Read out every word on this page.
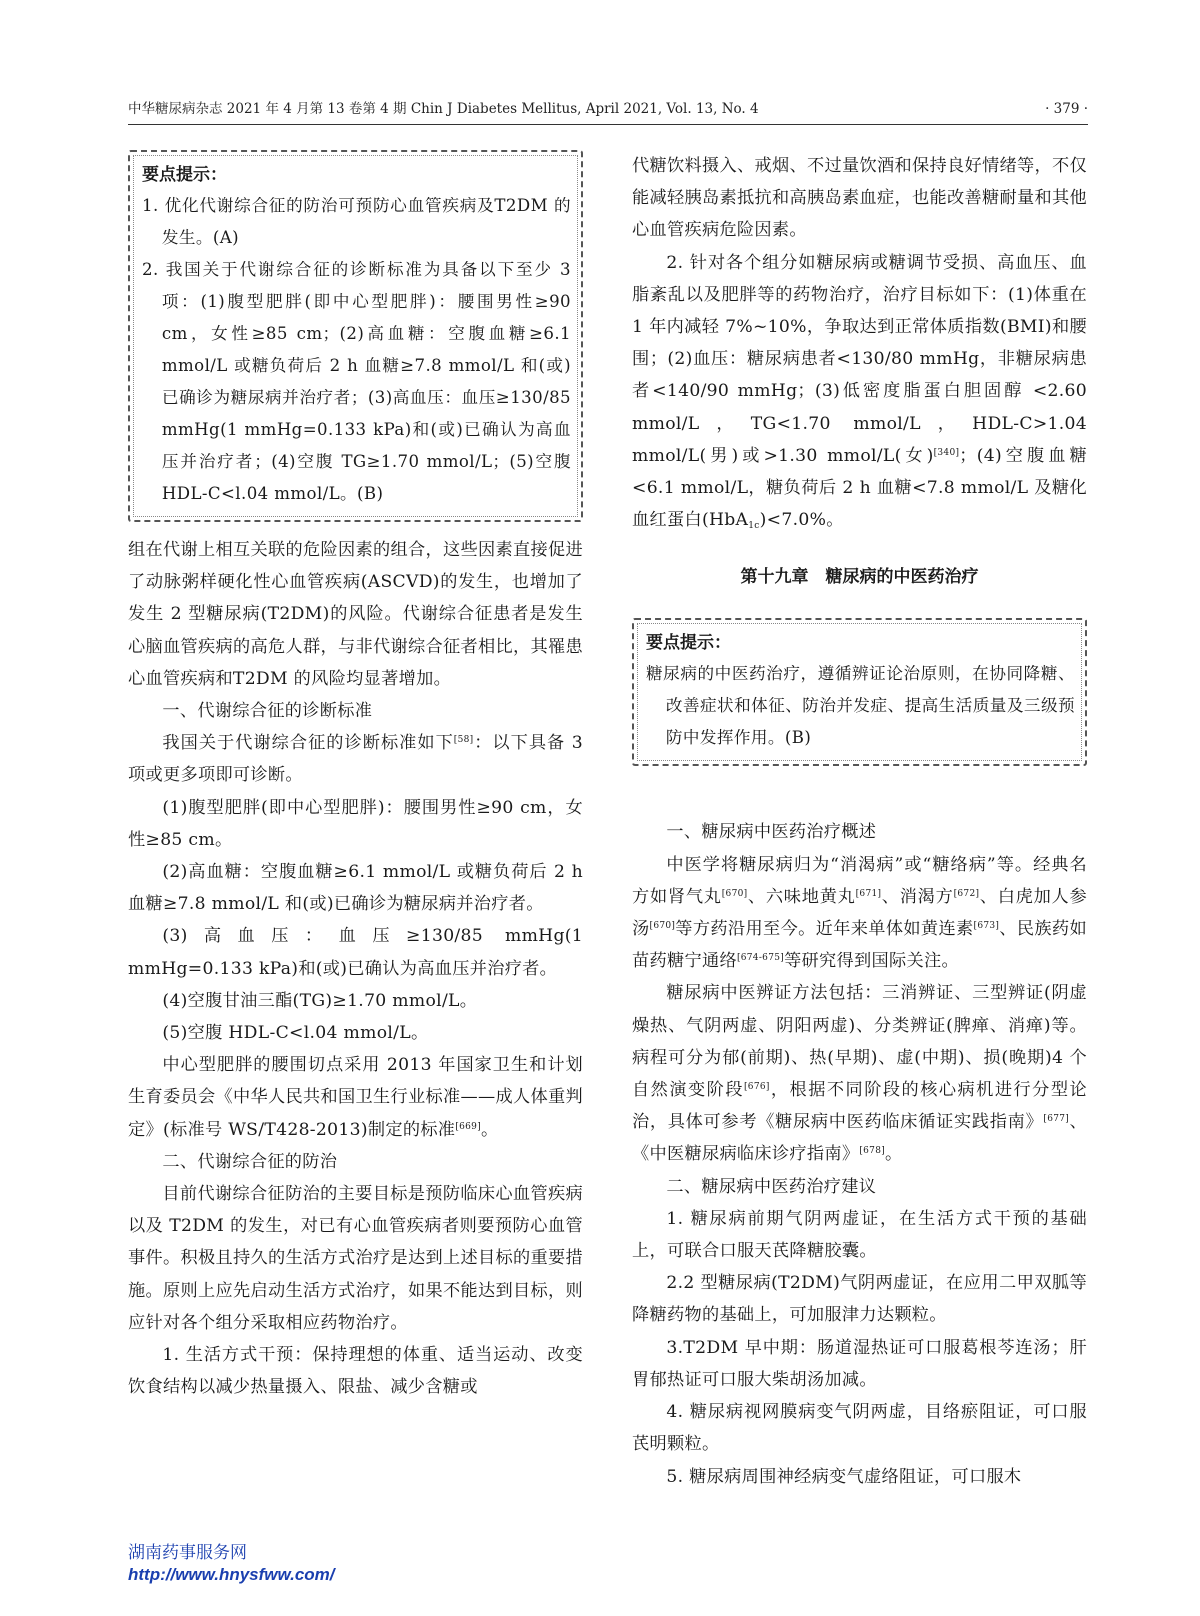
中华糖尿病杂志 2021 年 4 月第 13 卷第 4 期 Chin J Diabetes Mellitus, April 2021, Vol. 13, No. 4	· 379 ·

要点提示：

1. 优化代谢综合征的防治可预防心血管疾病及T2DM 的发生。(A)

2. 我国关于代谢综合征的诊断标准为具备以下至少 3 项：(1)腹型肥胖(即中心型肥胖)：腰围男性≥90 cm，女性≥85 cm；(2)高血糖：空腹血糖≥6.1 mmol/L 或糖负荷后 2 h 血糖≥7.8 mmol/L 和(或)已确诊为糖尿病并治疗者；(3)高血压：血压≥130/85 mmHg(1 mmHg=0.133 kPa)和(或)已确认为高血压并治疗者；(4)空腹 TG≥1.70 mmol/L；(5)空腹 HDL-C<l.04 mmol/L。(B)

组在代谢上相互关联的危险因素的组合，这些因素直接促进了动脉粥样硬化性心血管疾病(ASCVD)的发生，也增加了发生 2 型糖尿病(T2DM)的风险。代谢综合征患者是发生心脑血管疾病的高危人群，与非代谢综合征者相比，其罹患心血管疾病和T2DM 的风险均显著增加。

一、代谢综合征的诊断标准

我国关于代谢综合征的诊断标准如下[58]：以下具备 3 项或更多项即可诊断。

(1)腹型肥胖(即中心型肥胖)：腰围男性≥90 cm，女性≥85 cm。

(2)高血糖：空腹血糖≥6.1 mmol/L 或糖负荷后 2 h 血糖≥7.8 mmol/L 和(或)已确诊为糖尿病并治疗者。

(3)高血压：血压≥130/85 mmHg(1 mmHg=0.133 kPa)和(或)已确认为高血压并治疗者。

(4)空腹甘油三酯(TG)≥1.70 mmol/L。

(5)空腹 HDL-C<l.04 mmol/L。

中心型肥胖的腰围切点采用 2013 年国家卫生和计划生育委员会《中华人民共和国卫生行业标准——成人体重判定》(标准号 WS/T428-2013)制定的标准[669]。

二、代谢综合征的防治

目前代谢综合征防治的主要目标是预防临床心血管疾病以及 T2DM 的发生，对已有心血管疾病者则要预防心血管事件。积极且持久的生活方式治疗是达到上述目标的重要措施。原则上应先启动生活方式治疗，如果不能达到目标，则应针对各个组分采取相应药物治疗。

1. 生活方式干预：保持理想的体重、适当运动、改变饮食结构以减少热量摄入、限盐、减少含糖或

代糖饮料摄入、戒烟、不过量饮酒和保持良好情绪等，不仅能减轻胰岛素抵抗和高胰岛素血症，也能改善糖耐量和其他心血管疾病危险因素。

2. 针对各个组分如糖尿病或糖调节受损、高血压、血脂紊乱以及肥胖等的药物治疗，治疗目标如下：(1)体重在 1 年内减轻 7%~10%，争取达到正常体质指数(BMI)和腰围；(2)血压：糖尿病患者<130/80 mmHg，非糖尿病患者<140/90 mmHg；(3)低密度脂蛋白胆固醇 <2.60 mmol/L，TG<1.70 mmol/L，HDL-C>1.04 mmol/L(男)或>1.30 mmol/L(女)[340]；(4)空腹血糖<6.1 mmol/L，糖负荷后 2 h 血糖<7.8 mmol/L 及糖化血红蛋白(HbA$_{1c}$)<7.0%。

第十九章　糖尿病的中医药治疗

要点提示：

糖尿病的中医药治疗，遵循辨证论治原则，在协同降糖、改善症状和体征、防治并发症、提高生活质量及三级预防中发挥作用。(B)

一、糖尿病中医药治疗概述

中医学将糖尿病归为“消渴病”或“糖络病”等。经典名方如肾气丸[670]、六味地黄丸[671]、消渴方[672]、白虎加人参汤[670]等方药沿用至今。近年来单体如黄连素[673]、民族药如苗药糖宁通络[674-675]等研究得到国际关注。

糖尿病中医辨证方法包括：三消辨证、三型辨证(阴虚燥热、气阴两虚、阴阳两虚)、分类辨证(脾瘅、消瘅)等。病程可分为郁(前期)、热(早期)、虚(中期)、损(晚期)4 个自然演变阶段[676]，根据不同阶段的核心病机进行分型论治，具体可参考《糖尿病中医药临床循证实践指南》[677]、《中医糖尿病临床诊疗指南》[678]。

二、糖尿病中医药治疗建议

1. 糖尿病前期气阴两虚证，在生活方式干预的基础上，可联合口服天芪降糖胶囊。

2.2 型糖尿病(T2DM)气阴两虚证，在应用二甲双胍等降糖药物的基础上，可加服津力达颗粒。

3.T2DM 早中期：肠道湿热证可口服葛根芩连汤；肝胃郁热证可口服大柴胡汤加减。

4. 糖尿病视网膜病变气阴两虚，目络瘀阻证，可口服芪明颗粒。

5. 糖尿病周围神经病变气虚络阻证，可口服木

湖南药事服务网
http://www.hnysfww.com/
